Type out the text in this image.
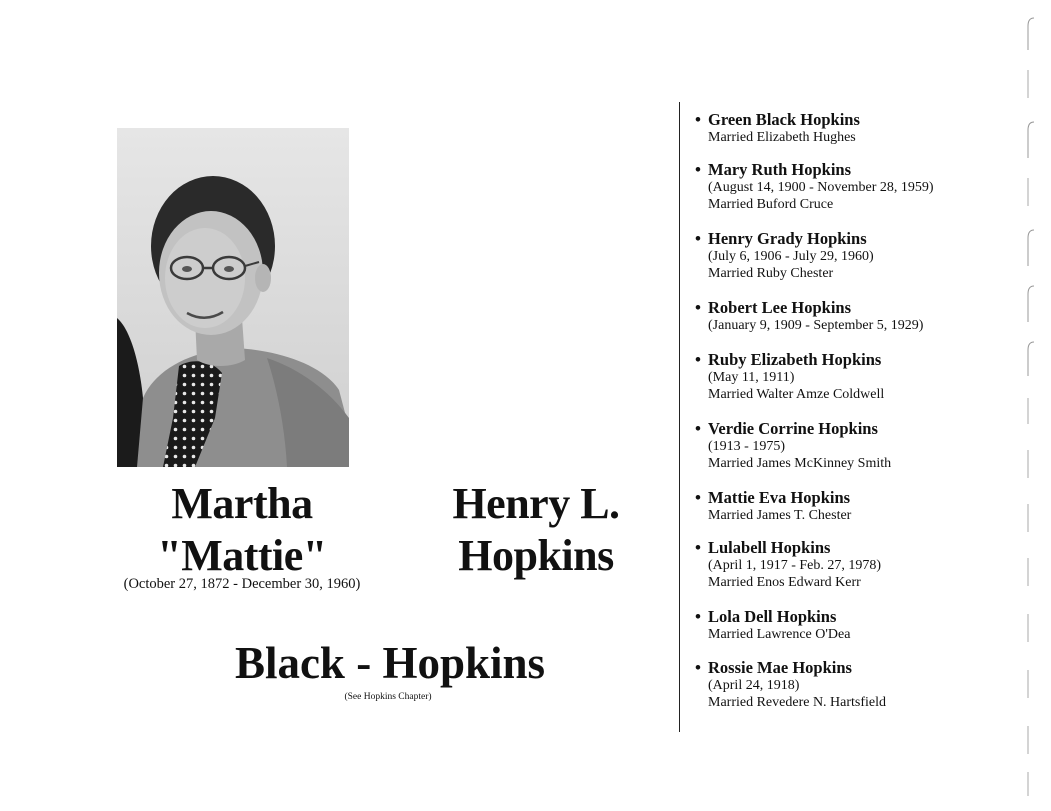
Martha
"Mattie"
Henry L.
Hopkins
(October 27, 1872 - December 30, 1960)
Black - Hopkins
(See Hopkins Chapter)
• Green Black Hopkins
Married Elizabeth Hughes
• Mary Ruth Hopkins
(August 14, 1900 - November 28, 1959)
Married Buford Cruce
• Henry Grady Hopkins
(July 6, 1906 - July 29, 1960)
Married Ruby Chester
• Robert Lee Hopkins
(January 9, 1909 - September 5, 1929)
• Ruby Elizabeth Hopkins
(May 11, 1911)
Married Walter Amze Coldwell
• Verdie Corrine Hopkins
(1913 - 1975)
Married James McKinney Smith
• Mattie Eva Hopkins
Married James T. Chester
• Lulabell Hopkins
(April 1, 1917 - Feb. 27, 1978)
Married Enos Edward Kerr
• Lola Dell Hopkins
Married Lawrence O'Dea
• Rossie Mae Hopkins
(April 24, 1918)
Married Revedere N. Hartsfield
